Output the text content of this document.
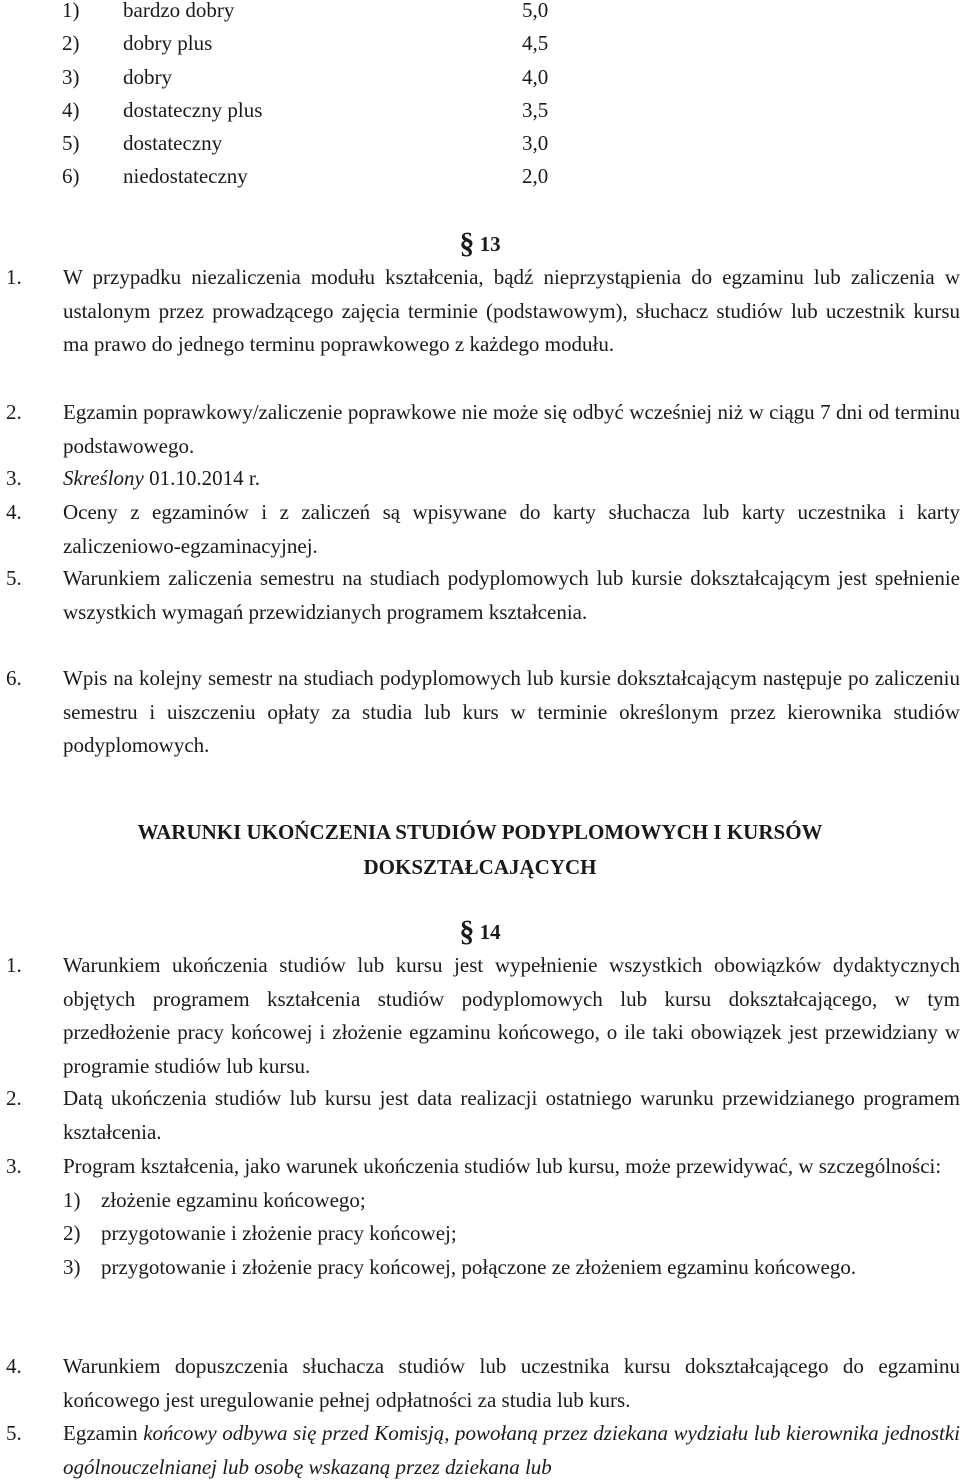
1) bardzo dobry	5,0
2) dobry plus	4,5
3) dobry	4,0
4) dostateczny plus	3,5
5) dostateczny	3,0
6) niedostateczny	2,0
§ 13
1. W przypadku niezaliczenia modułu kształcenia, bądź nieprzystąpienia do egzaminu lub zaliczenia w ustalonym przez prowadzącego zajęcia terminie (podstawowym), słuchacz studiów lub uczestnik kursu ma prawo do jednego terminu poprawkowego z każdego modułu.
2. Egzamin poprawkowy/zaliczenie poprawkowe nie może się odbyć wcześniej niż w ciągu 7 dni od terminu podstawowego.
3. Skreślony 01.10.2014 r.
4. Oceny z egzaminów i z zaliczeń są wpisywane do karty słuchacza lub karty uczestnika i karty zaliczeniowo-egzaminacyjnej.
5. Warunkiem zaliczenia semestru na studiach podyplomowych lub kursie dokształcającym jest spełnienie wszystkich wymagań przewidzianych programem kształcenia.
6. Wpis na kolejny semestr na studiach podyplomowych lub kursie dokształcającym następuje po zaliczeniu semestru i uiszczeniu opłaty za studia lub kurs w terminie określonym przez kierownika studiów podyplomowych.
WARUNKI UKOŃCZENIA STUDIÓW PODYPLOMOWYCH I KURSÓW
DOKSZTAŁCAJĄCYCH
§ 14
1. Warunkiem ukończenia studiów lub kursu jest wypełnienie wszystkich obowiązków dydaktycznych objętych programem kształcenia studiów podyplomowych lub kursu dokształcającego, w tym przedłożenie pracy końcowej i złożenie egzaminu końcowego, o ile taki obowiązek jest przewidziany w programie studiów lub kursu.
2. Datą ukończenia studiów lub kursu jest data realizacji ostatniego warunku przewidzianego programem kształcenia.
3. Program kształcenia, jako warunek ukończenia studiów lub kursu, może przewidywać, w szczególności:
1) złożenie egzaminu końcowego;
2) przygotowanie i złożenie pracy końcowej;
3) przygotowanie i złożenie pracy końcowej, połączone ze złożeniem egzaminu końcowego.
4. Warunkiem dopuszczenia słuchacza studiów lub uczestnika kursu dokształcającego do egzaminu końcowego jest uregulowanie pełnej odpłatności za studia lub kurs.
5. Egzamin końcowy odbywa się przed Komisją, powołaną przez dziekana wydziału lub kierownika jednostki ogólnouczelnianej lub osobę wskazaną przez dziekana lub
